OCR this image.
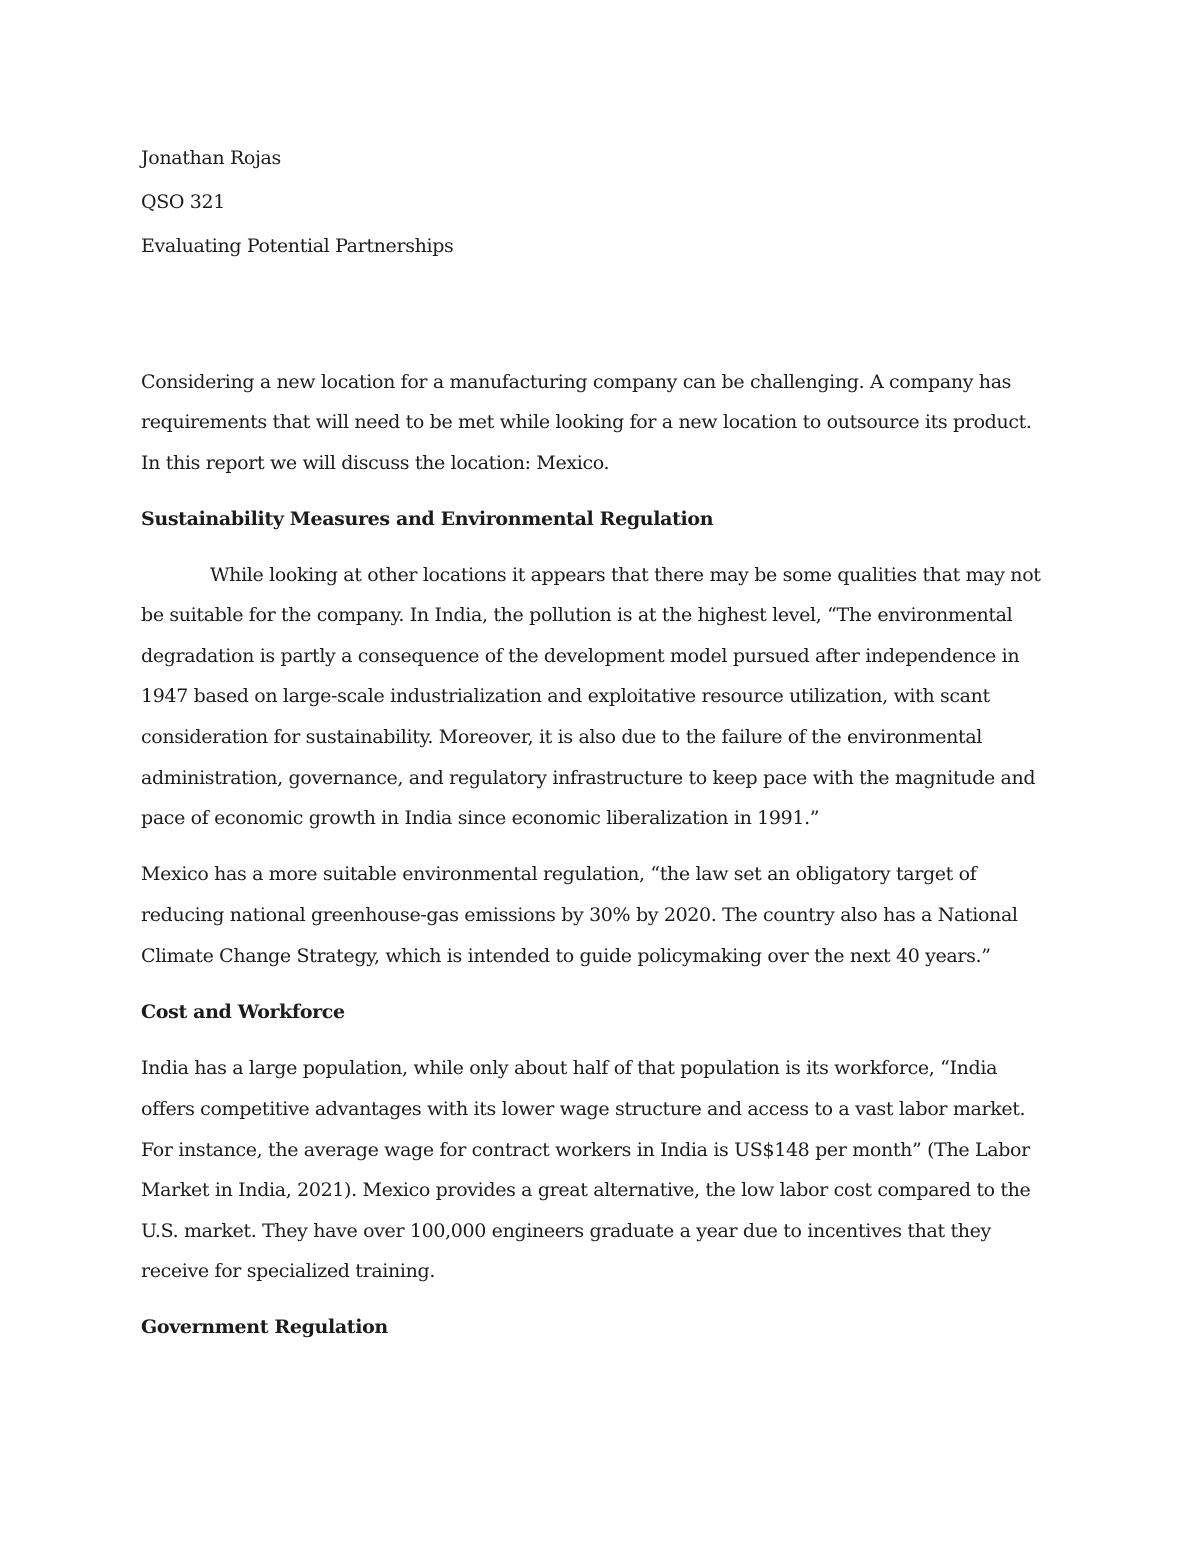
Jonathan Rojas
QSO 321
Evaluating Potential Partnerships
Considering a new location for a manufacturing company can be challenging. A company has
requirements that will need to be met while looking for a new location to outsource its product.
In this report we will discuss the location: Mexico.
Sustainability Measures and Environmental Regulation
While looking at other locations it appears that there may be some qualities that may not
be suitable for the company. In India, the pollution is at the highest level, “The environmental
degradation is partly a consequence of the development model pursued after independence in
1947 based on large-scale industrialization and exploitative resource utilization, with scant
consideration for sustainability. Moreover, it is also due to the failure of the environmental
administration, governance, and regulatory infrastructure to keep pace with the magnitude and
pace of economic growth in India since economic liberalization in 1991.”
Mexico has a more suitable environmental regulation, “the law set an obligatory target of
reducing national greenhouse-gas emissions by 30% by 2020. The country also has a National
Climate Change Strategy, which is intended to guide policymaking over the next 40 years.”
Cost and Workforce
India has a large population, while only about half of that population is its workforce, “India
offers competitive advantages with its lower wage structure and access to a vast labor market.
For instance, the average wage for contract workers in India is US$148 per month” (The Labor
Market in India, 2021). Mexico provides a great alternative, the low labor cost compared to the
U.S. market. They have over 100,000 engineers graduate a year due to incentives that they
receive for specialized training.
Government Regulation
